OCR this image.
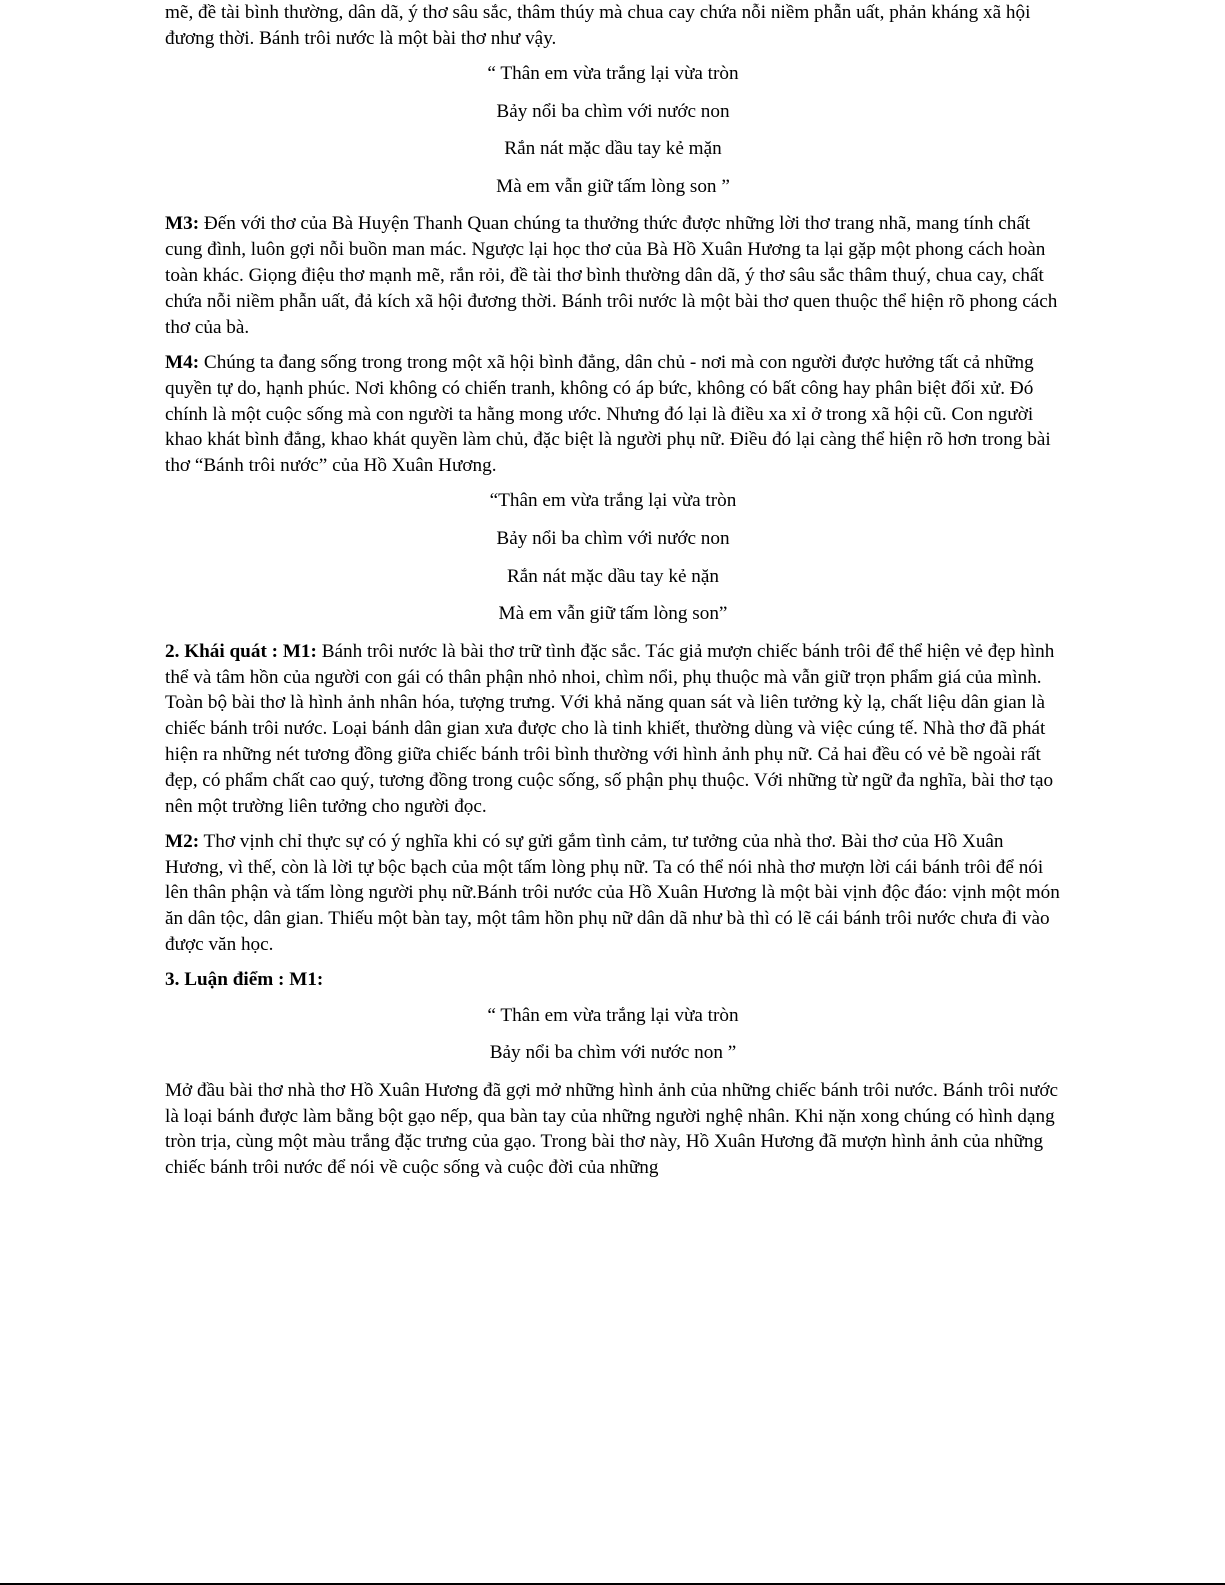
mẽ, đề tài bình thường, dân dã, ý thơ sâu sắc, thâm thúy mà chua cay chứa nỗi niềm phẫn uất, phản kháng xã hội đương thời. Bánh trôi nước là một bài thơ như vậy.

“ Thân em vừa trắng lại vừa tròn
Bảy nổi ba chìm với nước non
Rắn nát mặc dầu tay kẻ mặn
Mà em vẫn giữ tấm lòng son ”

M3: Đến với thơ của Bà Huyện Thanh Quan chúng ta thưởng thức được những lời thơ trang nhã, mang tính chất cung đình, luôn gợi nỗi buồn man mác. Ngược lại học thơ của Bà Hồ Xuân Hương ta lại gặp một phong cách hoàn toàn khác. Giọng điệu thơ mạnh mẽ, rắn rỏi, đề tài thơ bình thường dân dã, ý thơ sâu sắc thâm thuý, chua cay, chất chứa nỗi niềm phẫn uất, đả kích xã hội đương thời. Bánh trôi nước là một bài thơ quen thuộc thể hiện rõ phong cách thơ của bà.

M4: Chúng ta đang sống trong trong một xã hội bình đẳng, dân chủ - nơi mà con người được hưởng tất cả những quyền tự do, hạnh phúc. Nơi không có chiến tranh, không có áp bức, không có bất công hay phân biệt đối xử. Đó chính là một cuộc sống mà con người ta hằng mong ước. Nhưng đó lại là điều xa xỉ ở trong xã hội cũ. Con người khao khát bình đẳng, khao khát quyền làm chủ, đặc biệt là người phụ nữ. Điều đó lại càng thể hiện rõ hơn trong bài thơ “Bánh trôi nước” của Hồ Xuân Hương.

“Thân em vừa trắng lại vừa tròn
Bảy nổi ba chìm với nước non
Rắn nát mặc dầu tay kẻ nặn
Mà em vẫn giữ tấm lòng son”

2. Khái quát : M1: Bánh trôi nước là bài thơ trữ tình đặc sắc. Tác giả mượn chiếc bánh trôi để thể hiện vẻ đẹp hình thể và tâm hồn của người con gái có thân phận nhỏ nhoi, chìm nổi, phụ thuộc mà vẫn giữ trọn phẩm giá của mình. Toàn bộ bài thơ là hình ảnh nhân hóa, tượng trưng. Với khả năng quan sát và liên tưởng kỳ lạ, chất liệu dân gian là chiếc bánh trôi nước. Loại bánh dân gian xưa được cho là tinh khiết, thường dùng và việc cúng tế. Nhà thơ đã phát hiện ra những nét tương đồng giữa chiếc bánh trôi bình thường với hình ảnh phụ nữ. Cả hai đều có vẻ bề ngoài rất đẹp, có phẩm chất cao quý, tương đồng trong cuộc sống, số phận phụ thuộc. Với những từ ngữ đa nghĩa, bài thơ tạo nên một trường liên tưởng cho người đọc.

M2: Thơ vịnh chỉ thực sự có ý nghĩa khi có sự gửi gắm tình cảm, tư tưởng của nhà thơ. Bài thơ của Hồ Xuân Hương, vì thế, còn là lời tự bộc bạch của một tấm lòng phụ nữ. Ta có thể nói nhà thơ mượn lời cái bánh trôi để nói lên thân phận và tấm lòng người phụ nữ.Bánh trôi nước của Hồ Xuân Hương là một bài vịnh độc đáo: vịnh một món ăn dân tộc, dân gian. Thiếu một bàn tay, một tâm hồn phụ nữ dân dã như bà thì có lẽ cái bánh trôi nước chưa đi vào được văn học.

3. Luận điểm : M1:

“ Thân em vừa trắng lại vừa tròn
Bảy nổi ba chìm với nước non ”

Mở đầu bài thơ nhà thơ Hồ Xuân Hương đã gợi mở những hình ảnh của những chiếc bánh trôi nước. Bánh trôi nước là loại bánh được làm bằng bột gạo nếp, qua bàn tay của những người nghệ nhân. Khi nặn xong chúng có hình dạng tròn trịa, cùng một màu trắng đặc trưng của gạo. Trong bài thơ này, Hồ Xuân Hương đã mượn hình ảnh của những chiếc bánh trôi nước để nói về cuộc sống và cuộc đời của những
